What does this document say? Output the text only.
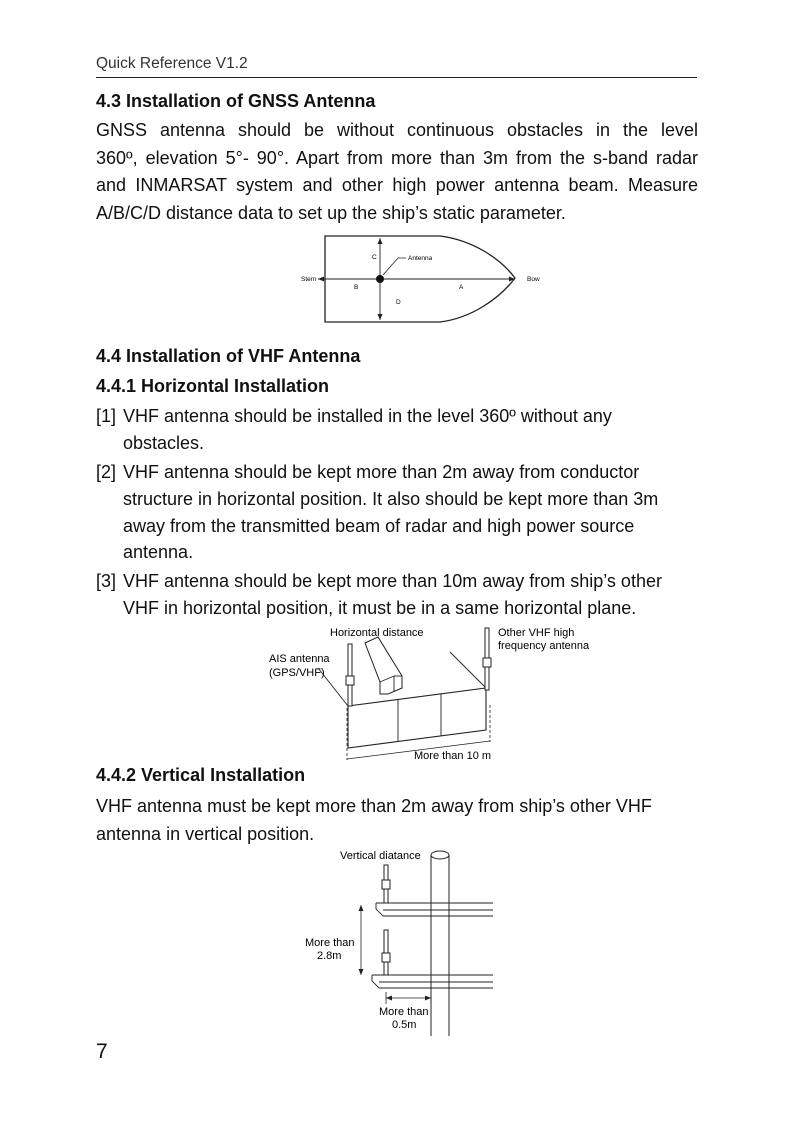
Quick Reference V1.2
4.3 Installation of GNSS Antenna
GNSS antenna should be without continuous obstacles in the level
360º, elevation 5°- 90°. Apart from more than 3m from the s-band radar
and INMARSAT system and other high power antenna beam. Measure
A/B/C/D distance data to set up the ship’s static parameter.
Antenna
Stern	Bow
C
B	A
D
4.4 Installation of VHF Antenna
4.4.1 Horizontal Installation
[1] VHF antenna should be installed in the level 360º without any obstacles.
[2] VHF antenna should be kept more than 2m away from conductor structure in horizontal position. It also should be kept more than 3m away from the transmitted beam of radar and high power source antenna.
[3] VHF antenna should be kept more than 10m away from ship’s other VHF in horizontal position, it must be in a same horizontal plane.
Horizontal distance	Other VHF high
frequency antenna
AIS antenna
(GPS/VHF)
More than 10 m
4.4.2 Vertical Installation
VHF antenna must be kept more than 2m away from ship’s other VHF
antenna in vertical position.
Vertical diatance
More than
2.8m
More than
0.5m
7
